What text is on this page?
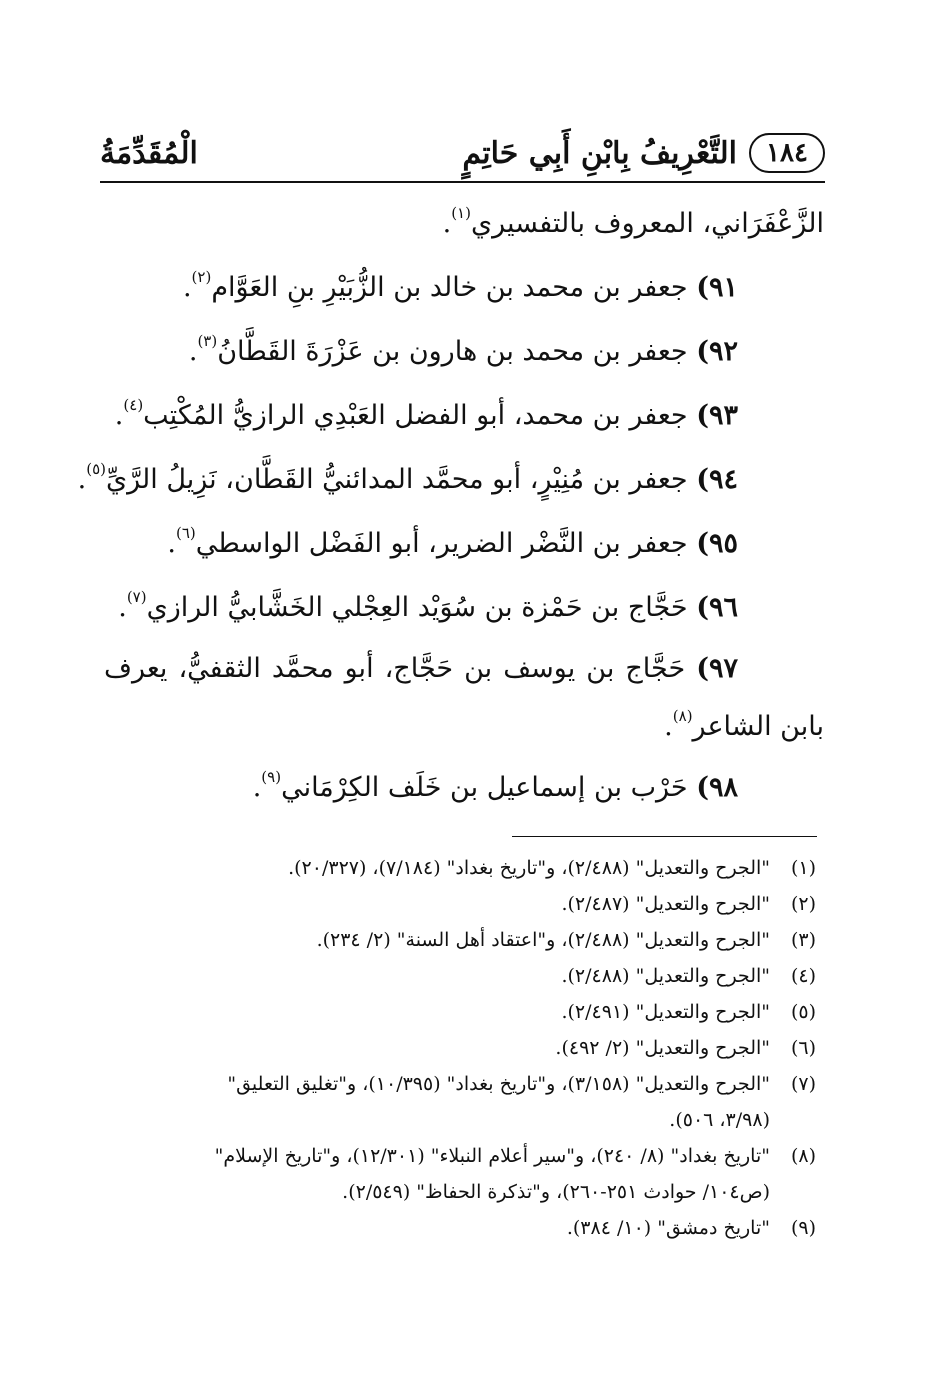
١٨٤
التَّعْرِيفُ بِابْنِ أَبِي حَاتِمٍ
الْمُقَدِّمَةُ
الزَّعْفَرَاني، المعروف بالتفسيري$^{(١)}$.
٩١) جعفر بن محمد بن خالد بن الزُّبَيْرِ بنِ العَوَّام$^{(٢)}$.
٩٢) جعفر بن محمد بن هارون بن عَزْرَةَ القَطَّانُ$^{(٣)}$.
٩٣) جعفر بن محمد، أبو الفضل العَبْدِي الرازيُّ المُكْتِب$^{(٤)}$.
٩٤) جعفر بن مُنِيْرٍ، أبو محمَّد المدائنيُّ القَطَّان، نَزِيلُ الرَّيِّ$^{(٥)}$.
٩٥) جعفر بن النَّضْر الضرير، أبو الفَضْل الواسطي$^{(٦)}$.
٩٦) حَجَّاج بن حَمْزة بن سُوَيْد العِجْلي الخَشَّابيُّ الرازي$^{(٧)}$.
٩٧) حَجَّاج بن يوسف بن حَجَّاج، أبو محمَّد الثقفيُّ، يعرف
بابن الشاعر$^{(٨)}$.
٩٨) حَرْب بن إسماعيل بن خَلَف الكِرْمَاني$^{(٩)}$.
(١)
"الجرح والتعديل" (٢/٤٨٨)، و"تاريخ بغداد" (٧/١٨٤)، (٢٠/٣٢٧).
(٢)
"الجرح والتعديل" (٢/٤٨٧).
(٣)
"الجرح والتعديل" (٢/٤٨٨)، و"اعتقاد أهل السنة" (٢/ ٢٣٤).
(٤)
"الجرح والتعديل" (٢/٤٨٨).
(٥)
"الجرح والتعديل" (٢/٤٩١).
(٦)
"الجرح والتعديل" (٢/ ٤٩٢).
(٧)
"الجرح والتعديل" (٣/١٥٨)، و"تاريخ بغداد" (١٠/٣٩٥)، و"تغليق التعليق"
(٣/٩٨، ٥٠٦).
(٨)
"تاريخ بغداد" (٨/ ٢٤٠)، و"سير أعلام النبلاء" (١٢/٣٠١)، و"تاريخ الإسلام"
(ص١٠٤/ حوادث ٢٥١-٢٦٠)، و"تذكرة الحفاظ" (٢/٥٤٩).
(٩)
"تاريخ دمشق" (١٠/ ٣٨٤).
